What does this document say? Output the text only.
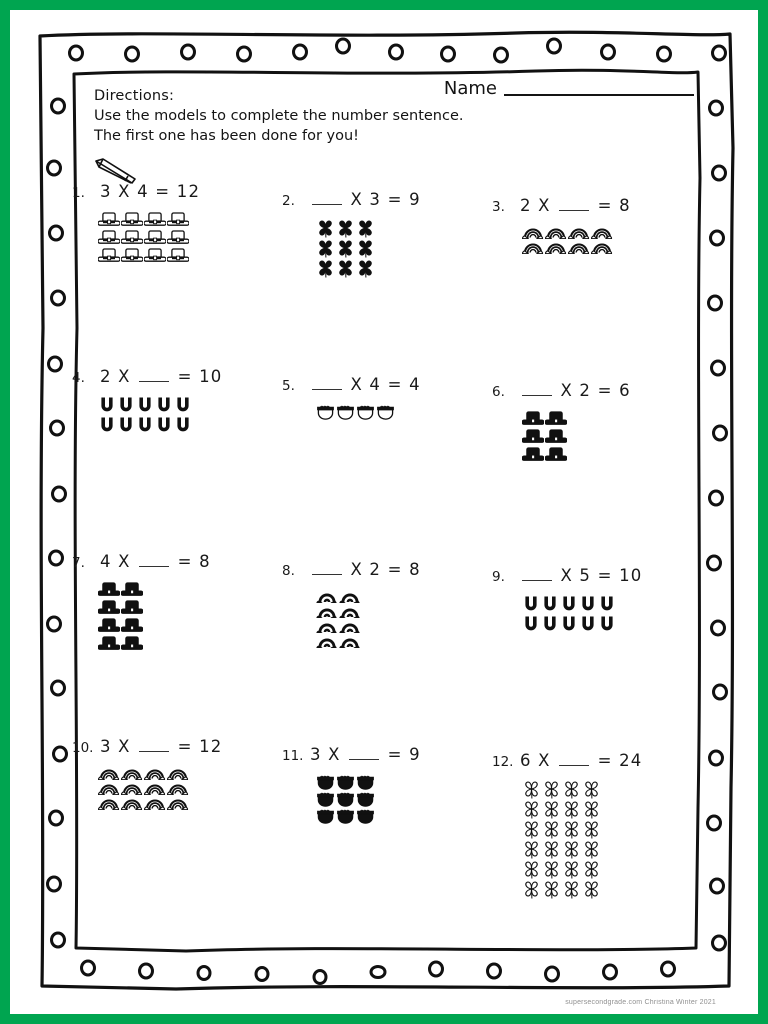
Directions:
Use the models to complete the number sentence.
The first one has been done for you!
Name
1. 3 X 4 = 12	2.	X 3 = 9	3. 2 X	= 8
4. 2 X	= 10	5.	X 4 = 4	6.	X 2 = 6
7. 4 X	= 8	8.	X 2 = 8	9.	X 5 = 10
10. 3 X	= 12	11. 3 X	= 9	12. 6 X	= 24
supersecondgrade.com Christina Winter 2021
